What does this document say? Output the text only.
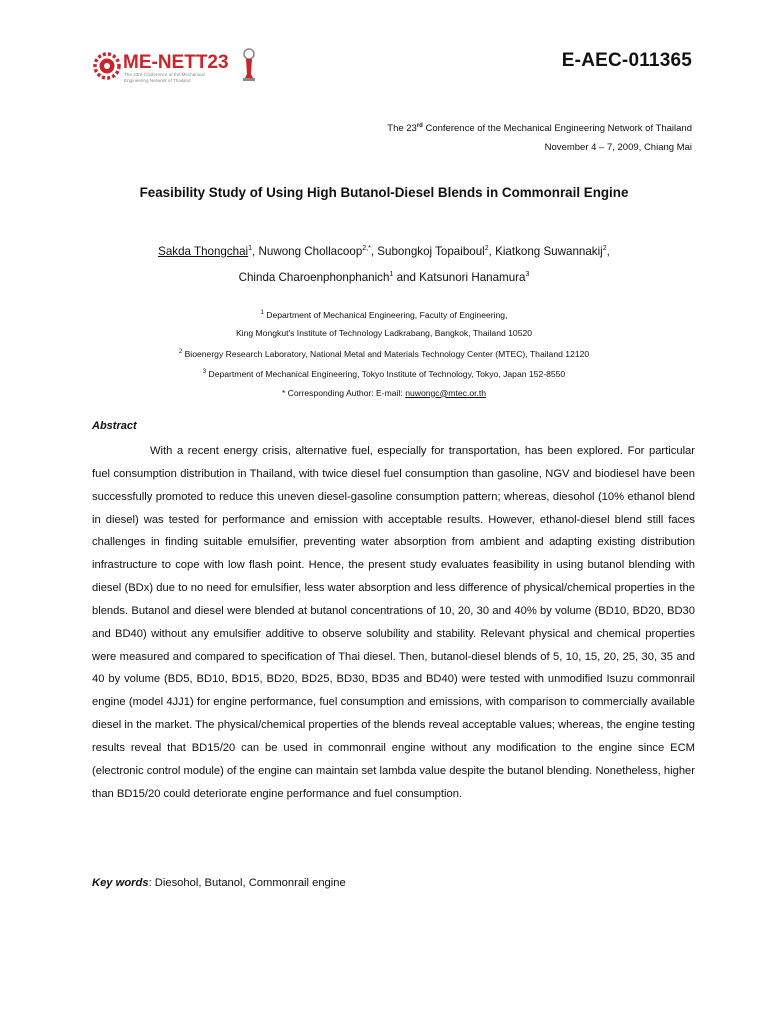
ME-NETT23
The 23rd Conference of the Mechanical
Engineering Network of Thailand
E-AEC-011365
The 23rd Conference of the Mechanical Engineering Network of Thailand
November 4 – 7, 2009, Chiang Mai
Feasibility Study of Using High Butanol-Diesel Blends in Commonrail Engine
Sakda Thongchai$^1$, Nuwong Chollacoop$^{2,*}$, Subongkoj Topaiboul$^2$, Kiatkong Suwannakij$^2$,
Chinda Charoenphonphanich$^1$ and Katsunori Hanamura$^3$
$^1$ Department of Mechanical Engineering, Faculty of Engineering,
King Mongkut's Institute of Technology Ladkrabang, Bangkok, Thailand 10520
$^2$ Bioenergy Research Laboratory, National Metal and Materials Technology Center (MTEC), Thailand 12120
$^3$ Department of Mechanical Engineering, Tokyo Institute of Technology, Tokyo, Japan 152-8550
* Corresponding Author: E-mail: nuwongc@mtec.or.th
Abstract

With a recent energy crisis, alternative fuel, especially for transportation, has been explored. For particular fuel consumption distribution in Thailand, with twice diesel fuel consumption than gasoline, NGV and biodiesel have been successfully promoted to reduce this uneven diesel-gasoline consumption pattern; whereas, diesohol (10% ethanol blend in diesel) was tested for performance and emission with acceptable results. However, ethanol-diesel blend still faces challenges in finding suitable emulsifier, preventing water absorption from ambient and adapting existing distribution infrastructure to cope with low flash point. Hence, the present study evaluates feasibility in using butanol blending with diesel (BDx) due to no need for emulsifier, less water absorption and less difference of physical/chemical properties in the blends. Butanol and diesel were blended at butanol concentrations of 10, 20, 30 and 40% by volume (BD10, BD20, BD30 and BD40) without any emulsifier additive to observe solubility and stability. Relevant physical and chemical properties were measured and compared to specification of Thai diesel. Then, butanol-diesel blends of 5, 10, 15, 20, 25, 30, 35 and 40 by volume (BD5, BD10, BD15, BD20, BD25, BD30, BD35 and BD40) were tested with unmodified Isuzu commonrail engine (model 4JJ1) for engine performance, fuel consumption and emissions, with comparison to commercially available diesel in the market. The physical/chemical properties of the blends reveal acceptable values; whereas, the engine testing results reveal that BD15/20 can be used in commonrail engine without any modification to the engine since ECM (electronic control module) of the engine can maintain set lambda value despite the butanol blending. Nonetheless, higher than BD15/20 could deteriorate engine performance and fuel consumption.

Key words: Diesohol, Butanol, Commonrail engine
